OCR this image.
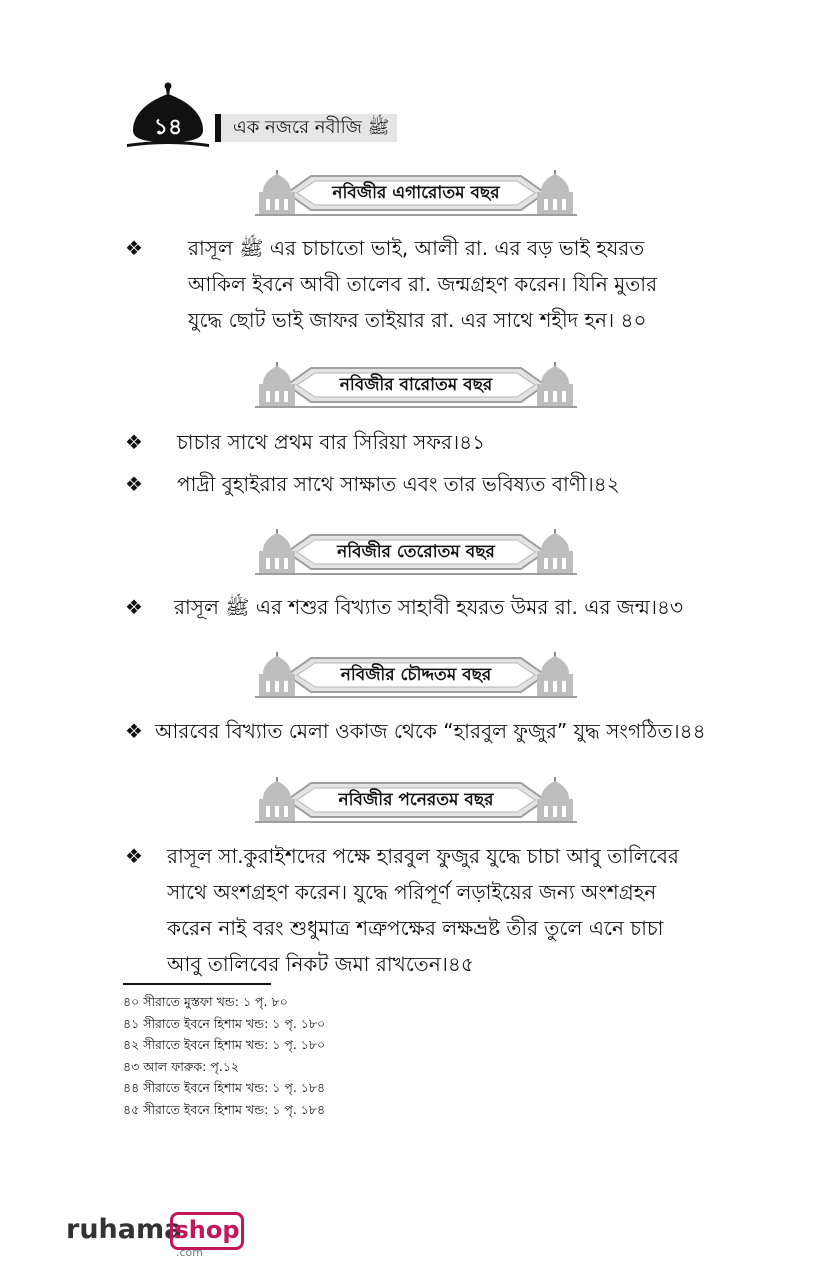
১৪	এক নজরে নবীজি ﷺ
নবিজীর এগারোতম বছর
নবিজীর বারোতম বছর
নবিজীর তেরোতম বছর
নবিজীর চৌদ্দতম বছর
নবিজীর পনেরতম বছর
❖ রাসূল ﷺ এর চাচাতো ভাই, আলী রা. এর বড় ভাই হযরত
আকিল ইবনে আবী তালেব রা. জন্মগ্রহণ করেন। যিনি মুতার
যুদ্ধে ছোট ভাই জাফর তাইয়ার রা. এর সাথে শহীদ হন। ৪০
❖ চাচার সাথে প্রথম বার সিরিয়া সফর।৪১
❖ পাদ্রী বুহাইরার সাথে সাক্ষাত এবং তার ভবিষ্যত বাণী।৪২
❖ রাসূল ﷺ এর শশুর বিখ্যাত সাহাবী হযরত উমর রা. এর জন্ম।৪৩
❖ আরবের বিখ্যাত মেলা ওকাজ থেকে “হারবুল ফুজুর” যুদ্ধ সংগঠিত।৪৪
❖ রাসূল সা.কুরাইশদের পক্ষে হারবুল ফুজুর যুদ্ধে চাচা আবু তালিবের
সাথে অংশগ্রহণ করেন। যুদ্ধে পরিপূর্ণ লড়াইয়ের জন্য অংশগ্রহন
করেন নাই বরং শুধুমাত্র শত্রুপক্ষের লক্ষভ্রষ্ট তীর তুলে এনে চাচা
আবু তালিবের নিকট জমা রাখতেন।৪৫
৪০ সীরাতে মুস্তফা খন্ড: ১ পৃ. ৮০
৪১ সীরাতে ইবনে হিশাম খন্ড: ১ পৃ. ১৮০
৪২ সীরাতে ইবনে হিশাম খন্ড: ১ পৃ. ১৮০
৪৩ আল ফারুক: পৃ.১২
৪৪ সীরাতে ইবনে হিশাম খন্ড: ১ পৃ. ১৮৪
৪৫ সীরাতে ইবনে হিশাম খন্ড: ১ পৃ. ১৮৪
ruhama
shop
.com
